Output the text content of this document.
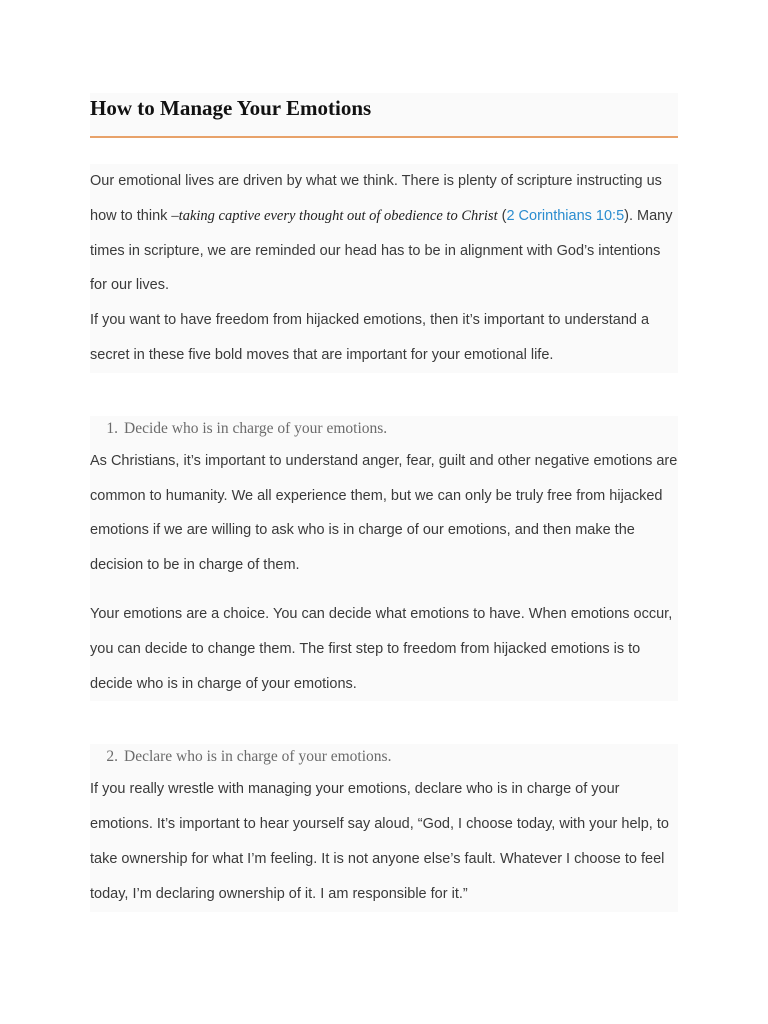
How to Manage Your Emotions

Our emotional lives are driven by what we think. There is plenty of scripture instructing us how to think –taking captive every thought out of obedience to Christ (2 Corinthians 10:5). Many times in scripture, we are reminded our head has to be in alignment with God’s intentions for our lives.

If you want to have freedom from hijacked emotions, then it’s important to understand a secret in these five bold moves that are important for your emotional life.

1. Decide who is in charge of your emotions.

As Christians, it’s important to understand anger, fear, guilt and other negative emotions are common to humanity. We all experience them, but we can only be truly free from hijacked emotions if we are willing to ask who is in charge of our emotions, and then make the decision to be in charge of them.

Your emotions are a choice. You can decide what emotions to have. When emotions occur, you can decide to change them. The first step to freedom from hijacked emotions is to decide who is in charge of your emotions.

2. Declare who is in charge of your emotions.

If you really wrestle with managing your emotions, declare who is in charge of your emotions. It’s important to hear yourself say aloud, “God, I choose today, with your help, to take ownership for what I’m feeling. It is not anyone else’s fault. Whatever I choose to feel today, I’m declaring ownership of it. I am responsible for it.”
